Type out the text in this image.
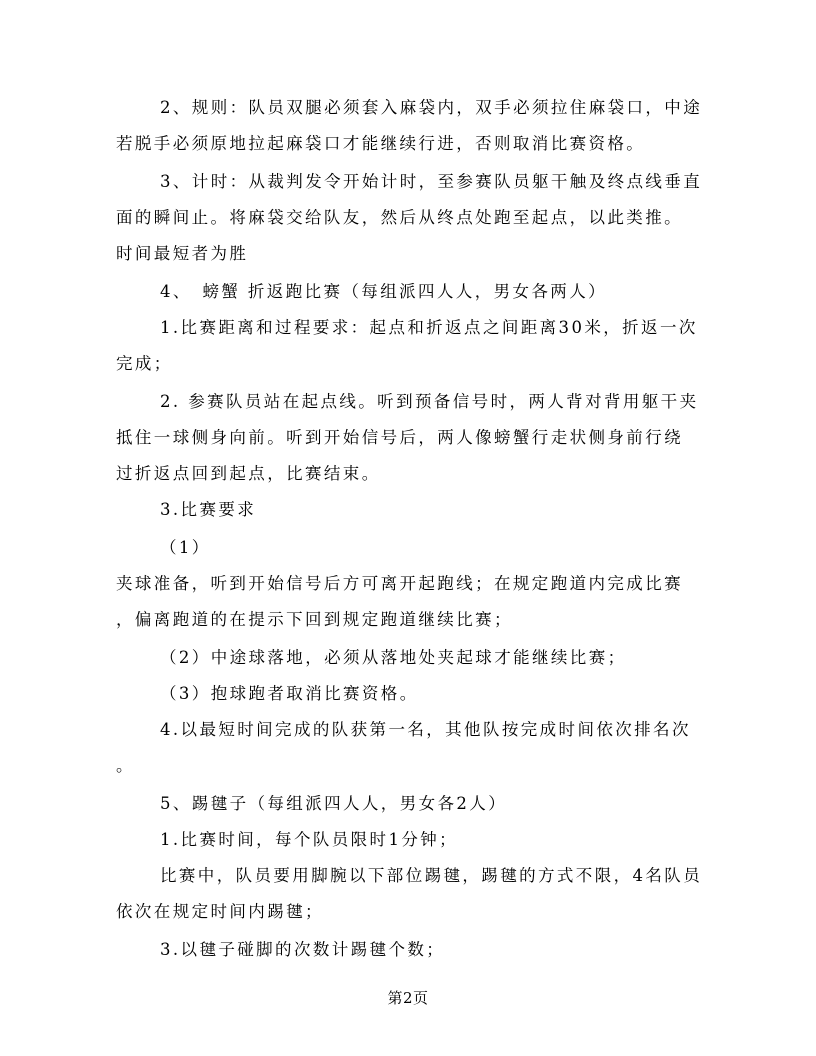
2、规则：队员双腿必须套入麻袋内，双手必须拉住麻袋口，中途
若脱手必须原地拉起麻袋口才能继续行进，否则取消比赛资格。
3、计时：从裁判发令开始计时，至参赛队员躯干触及终点线垂直
面的瞬间止。将麻袋交给队友，然后从终点处跑至起点，以此类推。
时间最短者为胜
4、　螃蟹 折返跑比赛（每组派四人人，男女各两人）
1.比赛距离和过程要求：起点和折返点之间距离30米，折返一次
完成；
2. 参赛队员站在起点线。听到预备信号时，两人背对背用躯干夹
抵住一球侧身向前。听到开始信号后，两人像螃蟹行走状侧身前行绕
过折返点回到起点，比赛结束。
3.比赛要求
（1）
夹球准备，听到开始信号后方可离开起跑线；在规定跑道内完成比赛
，偏离跑道的在提示下回到规定跑道继续比赛；
（2）中途球落地，必须从落地处夹起球才能继续比赛；
（3）抱球跑者取消比赛资格。
4.以最短时间完成的队获第一名，其他队按完成时间依次排名次
。
5、踢毽子（每组派四人人，男女各2人）
1.比赛时间，每个队员限时1分钟；
比赛中，队员要用脚腕以下部位踢毽，踢毽的方式不限，4名队员
依次在规定时间内踢毽；
3.以毽子碰脚的次数计踢毽个数；
第2页
